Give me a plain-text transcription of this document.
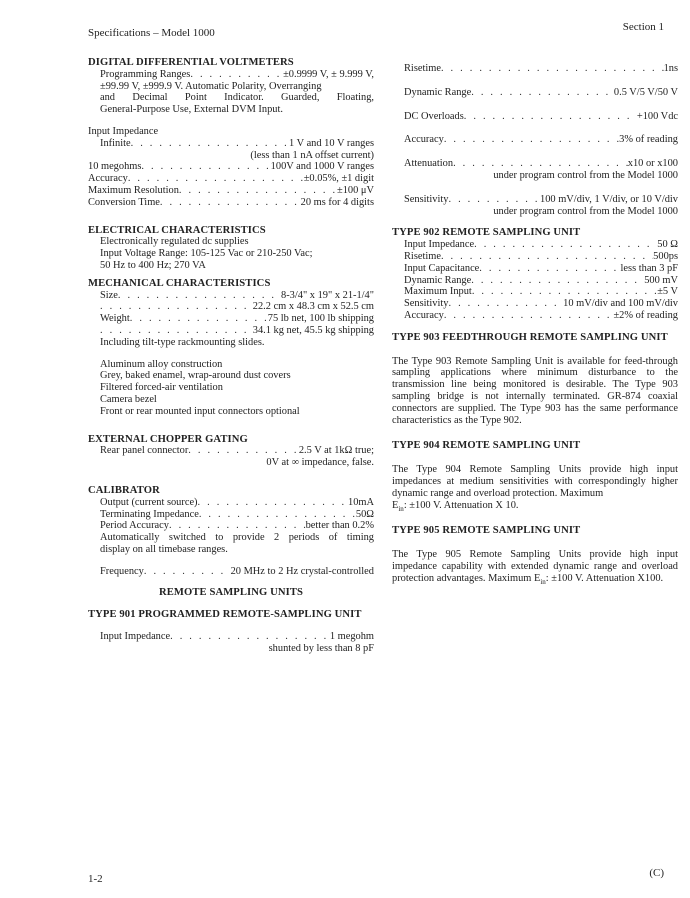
Specifications – Model 1000	Section 1
DIGITAL DIFFERENTIAL VOLTMETERS
Programming Ranges . . .	±0.9999 V, ± 9.999 V,
±99.99 V, ±999.9 V. Automatic Polarity, Overranging
and Decimal Point Indicator. Guarded, Floating,
General-Purpose Use, External DVM Input.
Input Impedance
Infinite . . .	1 V and 10 V ranges
(less than 1 nA offset current)
10 megohms . . .	100V and 1000 V ranges
Accuracy . . .	±0.05%, ±1 digit
Maximum Resolution . . .	±100 μV
Conversion Time . . .	20 ms for 4 digits
ELECTRICAL CHARACTERISTICS
Electronically regulated dc supplies
Input Voltage Range: 105-125 Vac or 210-250 Vac;
50 Hz to 400 Hz; 270 VA
MECHANICAL CHARACTERISTICS
Size . . .	8-3/4" x 19" x 21-1/4"
. . .
22.2 cm x 48.3 cm x 52.5 cm
Weight . . .	75 lb net, 100 lb shipping
. . .
34.1 kg net, 45.5 kg shipping
Including tilt-type rackmounting slides.
Aluminum alloy construction
Grey, baked enamel, wrap-around dust covers
Filtered forced-air ventilation
Camera bezel
Front or rear mounted input connectors optional
EXTERNAL CHOPPER GATING
Rear panel connector . . .	2.5 V at 1kΩ true;
0V at ∞ impedance, false.
CALIBRATOR
Output (current source) . . .	10mA
Terminating Impedance . . .	50Ω
Period Accuracy . . .	better than 0.2%
Automatically switched to provide 2 periods of timing
display on all timebase ranges.
Frequency . . .	20 MHz to 2 Hz crystal-controlled
REMOTE SAMPLING UNITS
TYPE 901 PROGRAMMED REMOTE-SAMPLING UNIT
Input Impedance . . .	1 megohm
shunted by less than 8 pF
Risetime . . .	1ns
Dynamic Range . . .	0.5 V/5 V/50 V
DC Overloads . . .	+100 Vdc
Accuracy . . .	3% of reading
Attenuation . . .	x10 or x100
under program control from the Model 1000
Sensitivity . . .	100 mV/div, 1 V/div, or 10 V/div
under program control from the Model 1000
TYPE 902 REMOTE SAMPLING UNIT
Input Impedance . . .	50 Ω
Risetime . . .	500ps
Input Capacitance . . .	less than 3 pF
Dynamic Range . . .	500 mV
Maximum Input . . .	±5 V
Sensitivity . . .	10 mV/div and 100 mV/div
Accuracy . . .	±2% of reading
TYPE 903 FEEDTHROUGH REMOTE SAMPLING UNIT

The Type 903 Remote Sampling Unit is available for feed-through sampling applications where minimum disturbance to the transmission line being monitored is desirable. The Type 903 sampling bridge is not internally terminated. GR-874 coaxial connectors are supplied. The Type 903 has the same performance characteristics as the Type 902.

TYPE 904 REMOTE SAMPLING UNIT

The Type 904 Remote Sampling Units provide high input impedances at medium sensitivities with correspondingly higher dynamic range and overload protection. Maximum
$E_{in}$: ±100 V. Attenuation X 10.

TYPE 905 REMOTE SAMPLING UNIT

The Type 905 Remote Sampling Units provide high input impedance capability with extended dynamic range and overload protection advantages. Maximum $E_{in}$: ±100 V. Attenuation X100.

1-2	(C)
